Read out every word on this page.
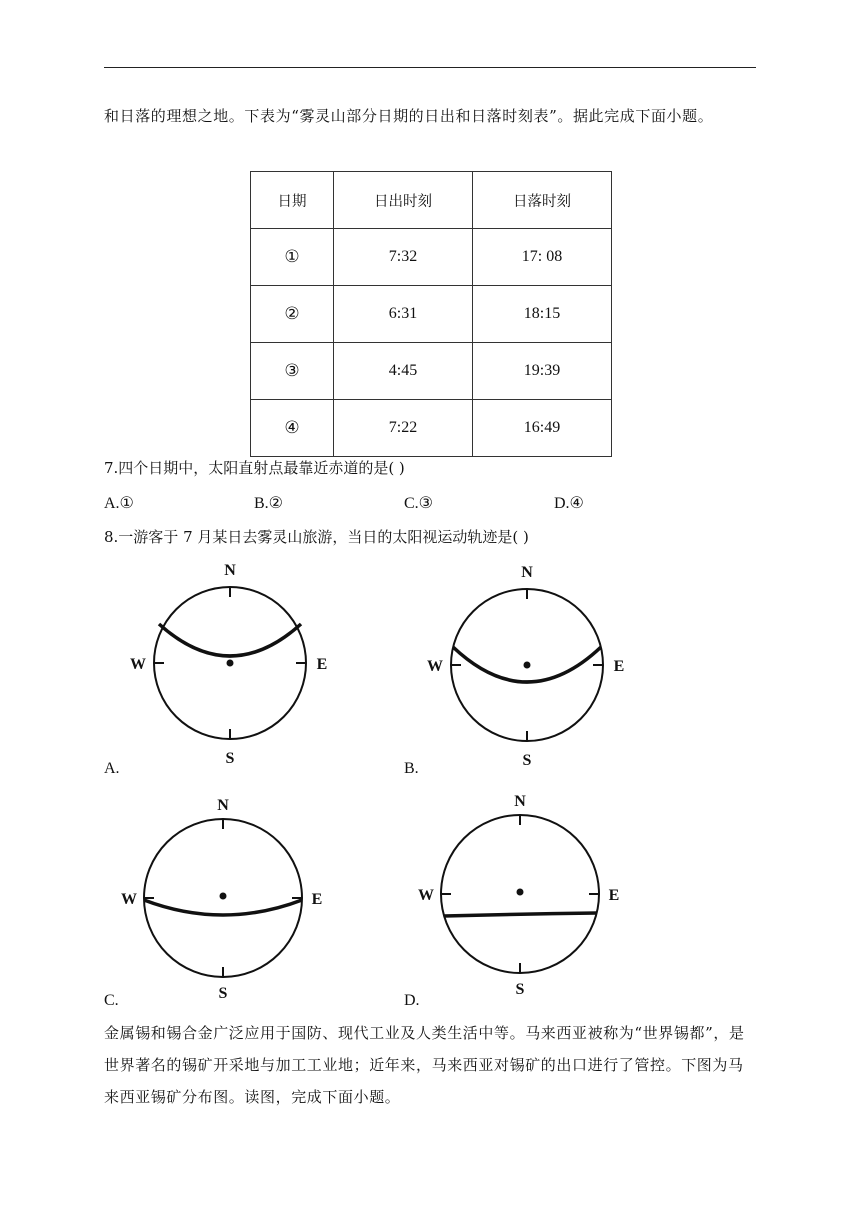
和日落的理想之地。下表为“雾灵山部分日期的日出和日落时刻表”。据此完成下面小题。
日期	日出时刻	日落时刻
①	7:32	17: 08
②	6:31	18:15
③	4:45	19:39
④	7:22	16:49
7.四个日期中，太阳直射点最靠近赤道的是( )
A.①	B.②	C.③	D.④
8.一游客于 7 月某日去雾灵山旅游，当日的太阳视运动轨迹是( )
N
S
W	E
A.
N
S
W	E
B.
N
S
W	E
C.
N
S
W	E
D.
金属锡和锡合金广泛应用于国防、现代工业及人类生活中等。马来西亚被称为“世界锡都”，是世界著名的锡矿开采地与加工工业地；近年来，马来西亚对锡矿的出口进行了管控。下图为马来西亚锡矿分布图。读图，完成下面小题。
